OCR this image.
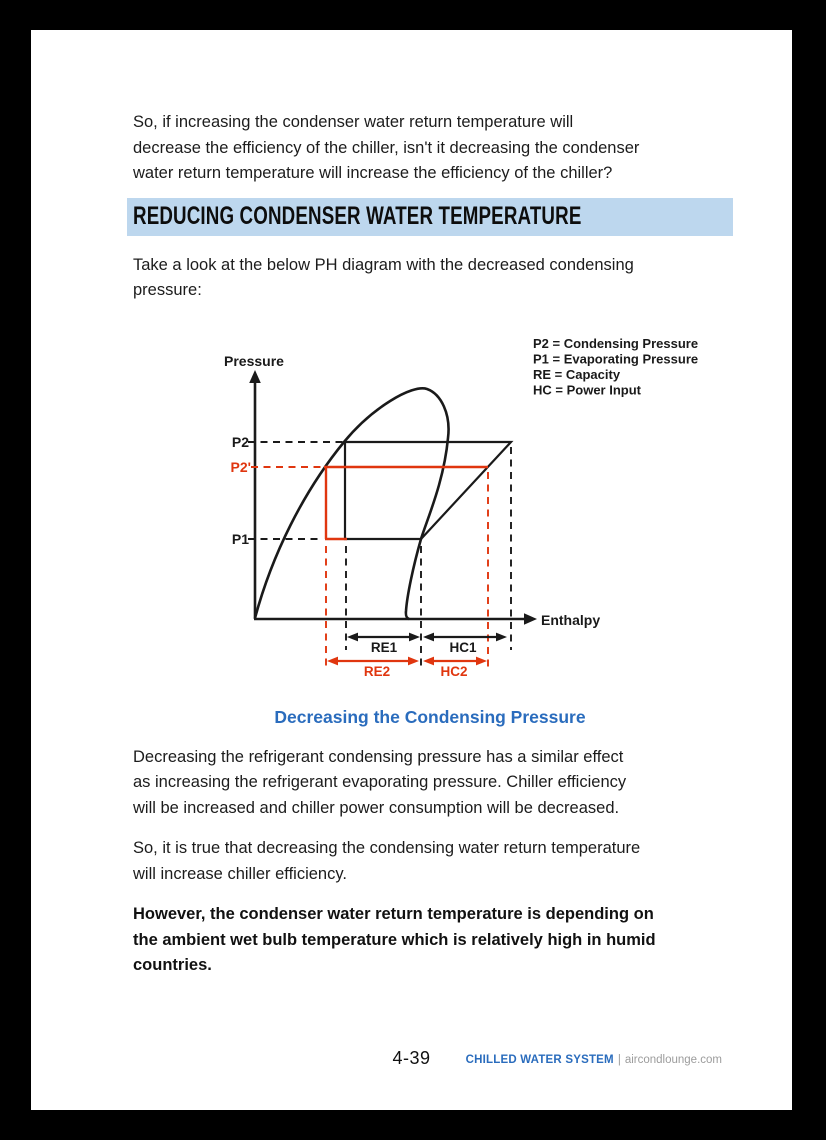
So, if increasing the condenser water return temperature will
decrease the efficiency of the chiller, isn't it decreasing the condenser
water return temperature will increase the efficiency of the chiller?
REDUCING CONDENSER WATER TEMPERATURE
Take a look at the below PH diagram with the decreased condensing
pressure:
Pressure
Enthalpy
P2
P2'
P1
RE1	HC1
RE2	HC2
P2 = Condensing Pressure
P1 = Evaporating Pressure
RE = Capacity
HC = Power Input
Decreasing the Condensing Pressure
Decreasing the refrigerant condensing pressure has a similar effect
as increasing the refrigerant evaporating pressure. Chiller efficiency
will be increased and chiller power consumption will be decreased.
So, it is true that decreasing the condensing water return temperature
will increase chiller efficiency.
However, the condenser water return temperature is depending on
the ambient wet bulb temperature which is relatively high in humid
countries.
4-39	CHILLED WATER SYSTEM | aircondlounge.com
